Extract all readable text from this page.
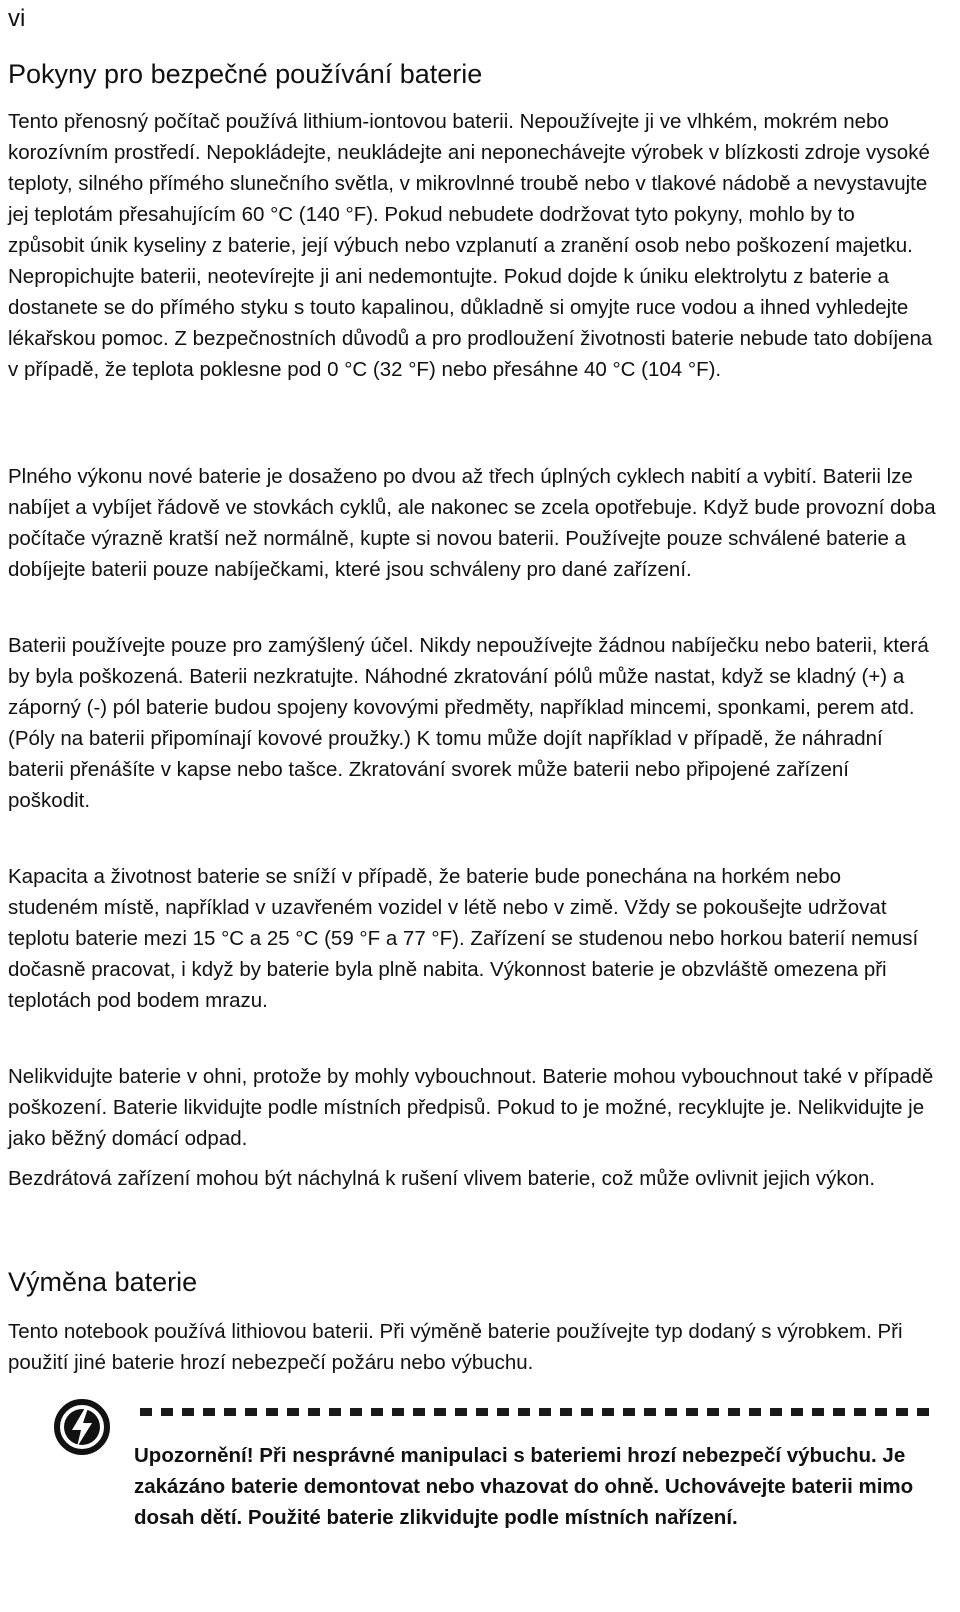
vi
Pokyny pro bezpečné používání baterie

Tento přenosný počítač používá lithium-iontovou baterii. Nepoužívejte ji ve vlhkém, mokrém nebo korozívním prostředí. Nepokládejte, neukládejte ani neponechávejte výrobek v blízkosti zdroje vysoké teploty, silného přímého slunečního světla, v mikrovlnné troubě nebo v tlakové nádobě a nevystavujte jej teplotám přesahujícím 60 °C (140 °F). Pokud nebudete dodržovat tyto pokyny, mohlo by to způsobit únik kyseliny z baterie, její výbuch nebo vzplanutí a zranění osob nebo poškození majetku. Nepropichujte baterii, neotevírejte ji ani nedemontujte. Pokud dojde k úniku elektrolytu z baterie a dostanete se do přímého styku s touto kapalinou, důkladně si omyjte ruce vodou a ihned vyhledejte lékařskou pomoc. Z bezpečnostních důvodů a pro prodloužení životnosti baterie nebude tato dobíjena v případě, že teplota poklesne pod 0 °C (32 °F) nebo přesáhne 40 °C (104 °F).

Plného výkonu nové baterie je dosaženo po dvou až třech úplných cyklech nabití a vybití. Baterii lze nabíjet a vybíjet řádově ve stovkách cyklů, ale nakonec se zcela opotřebuje. Když bude provozní doba počítače výrazně kratší než normálně, kupte si novou baterii. Používejte pouze schválené baterie a dobíjejte baterii pouze nabíječkami, které jsou schváleny pro dané zařízení.

Baterii používejte pouze pro zamýšlený účel. Nikdy nepoužívejte žádnou nabíječku nebo baterii, která by byla poškozená. Baterii nezkratujte. Náhodné zkratování pólů může nastat, když se kladný (+) a záporný (-) pól baterie budou spojeny kovovými předměty, například mincemi, sponkami, perem atd. (Póly na baterii připomínají kovové proužky.) K tomu může dojít například v případě, že náhradní baterii přenášíte v kapse nebo tašce. Zkratování svorek může baterii nebo připojené zařízení poškodit.

Kapacita a životnost baterie se sníží v případě, že baterie bude ponechána na horkém nebo studeném místě, například v uzavřeném vozidel v létě nebo v zimě. Vždy se pokoušejte udržovat teplotu baterie mezi 15 °C a 25 °C (59 °F a 77 °F). Zařízení se studenou nebo horkou baterií nemusí dočasně pracovat, i když by baterie byla plně nabita. Výkonnost baterie je obzvláště omezena při teplotách pod bodem mrazu.

Nelikvidujte baterie v ohni, protože by mohly vybouchnout. Baterie mohou vybouchnout také v případě poškození. Baterie likvidujte podle místních předpisů. Pokud to je možné, recyklujte je. Nelikvidujte je jako běžný domácí odpad.

Bezdrátová zařízení mohou být náchylná k rušení vlivem baterie, což může ovlivnit jejich výkon.

Výměna baterie

Tento notebook používá lithiovou baterii. Při výměně baterie používejte typ dodaný s výrobkem. Při použití jiné baterie hrozí nebezpečí požáru nebo výbuchu.

Upozornění! Při nesprávné manipulaci s bateriemi hrozí nebezpečí výbuchu. Je zakázáno baterie demontovat nebo vhazovat do ohně. Uchovávejte baterii mimo dosah dětí. Použité baterie zlikvidujte podle místních nařízení.
